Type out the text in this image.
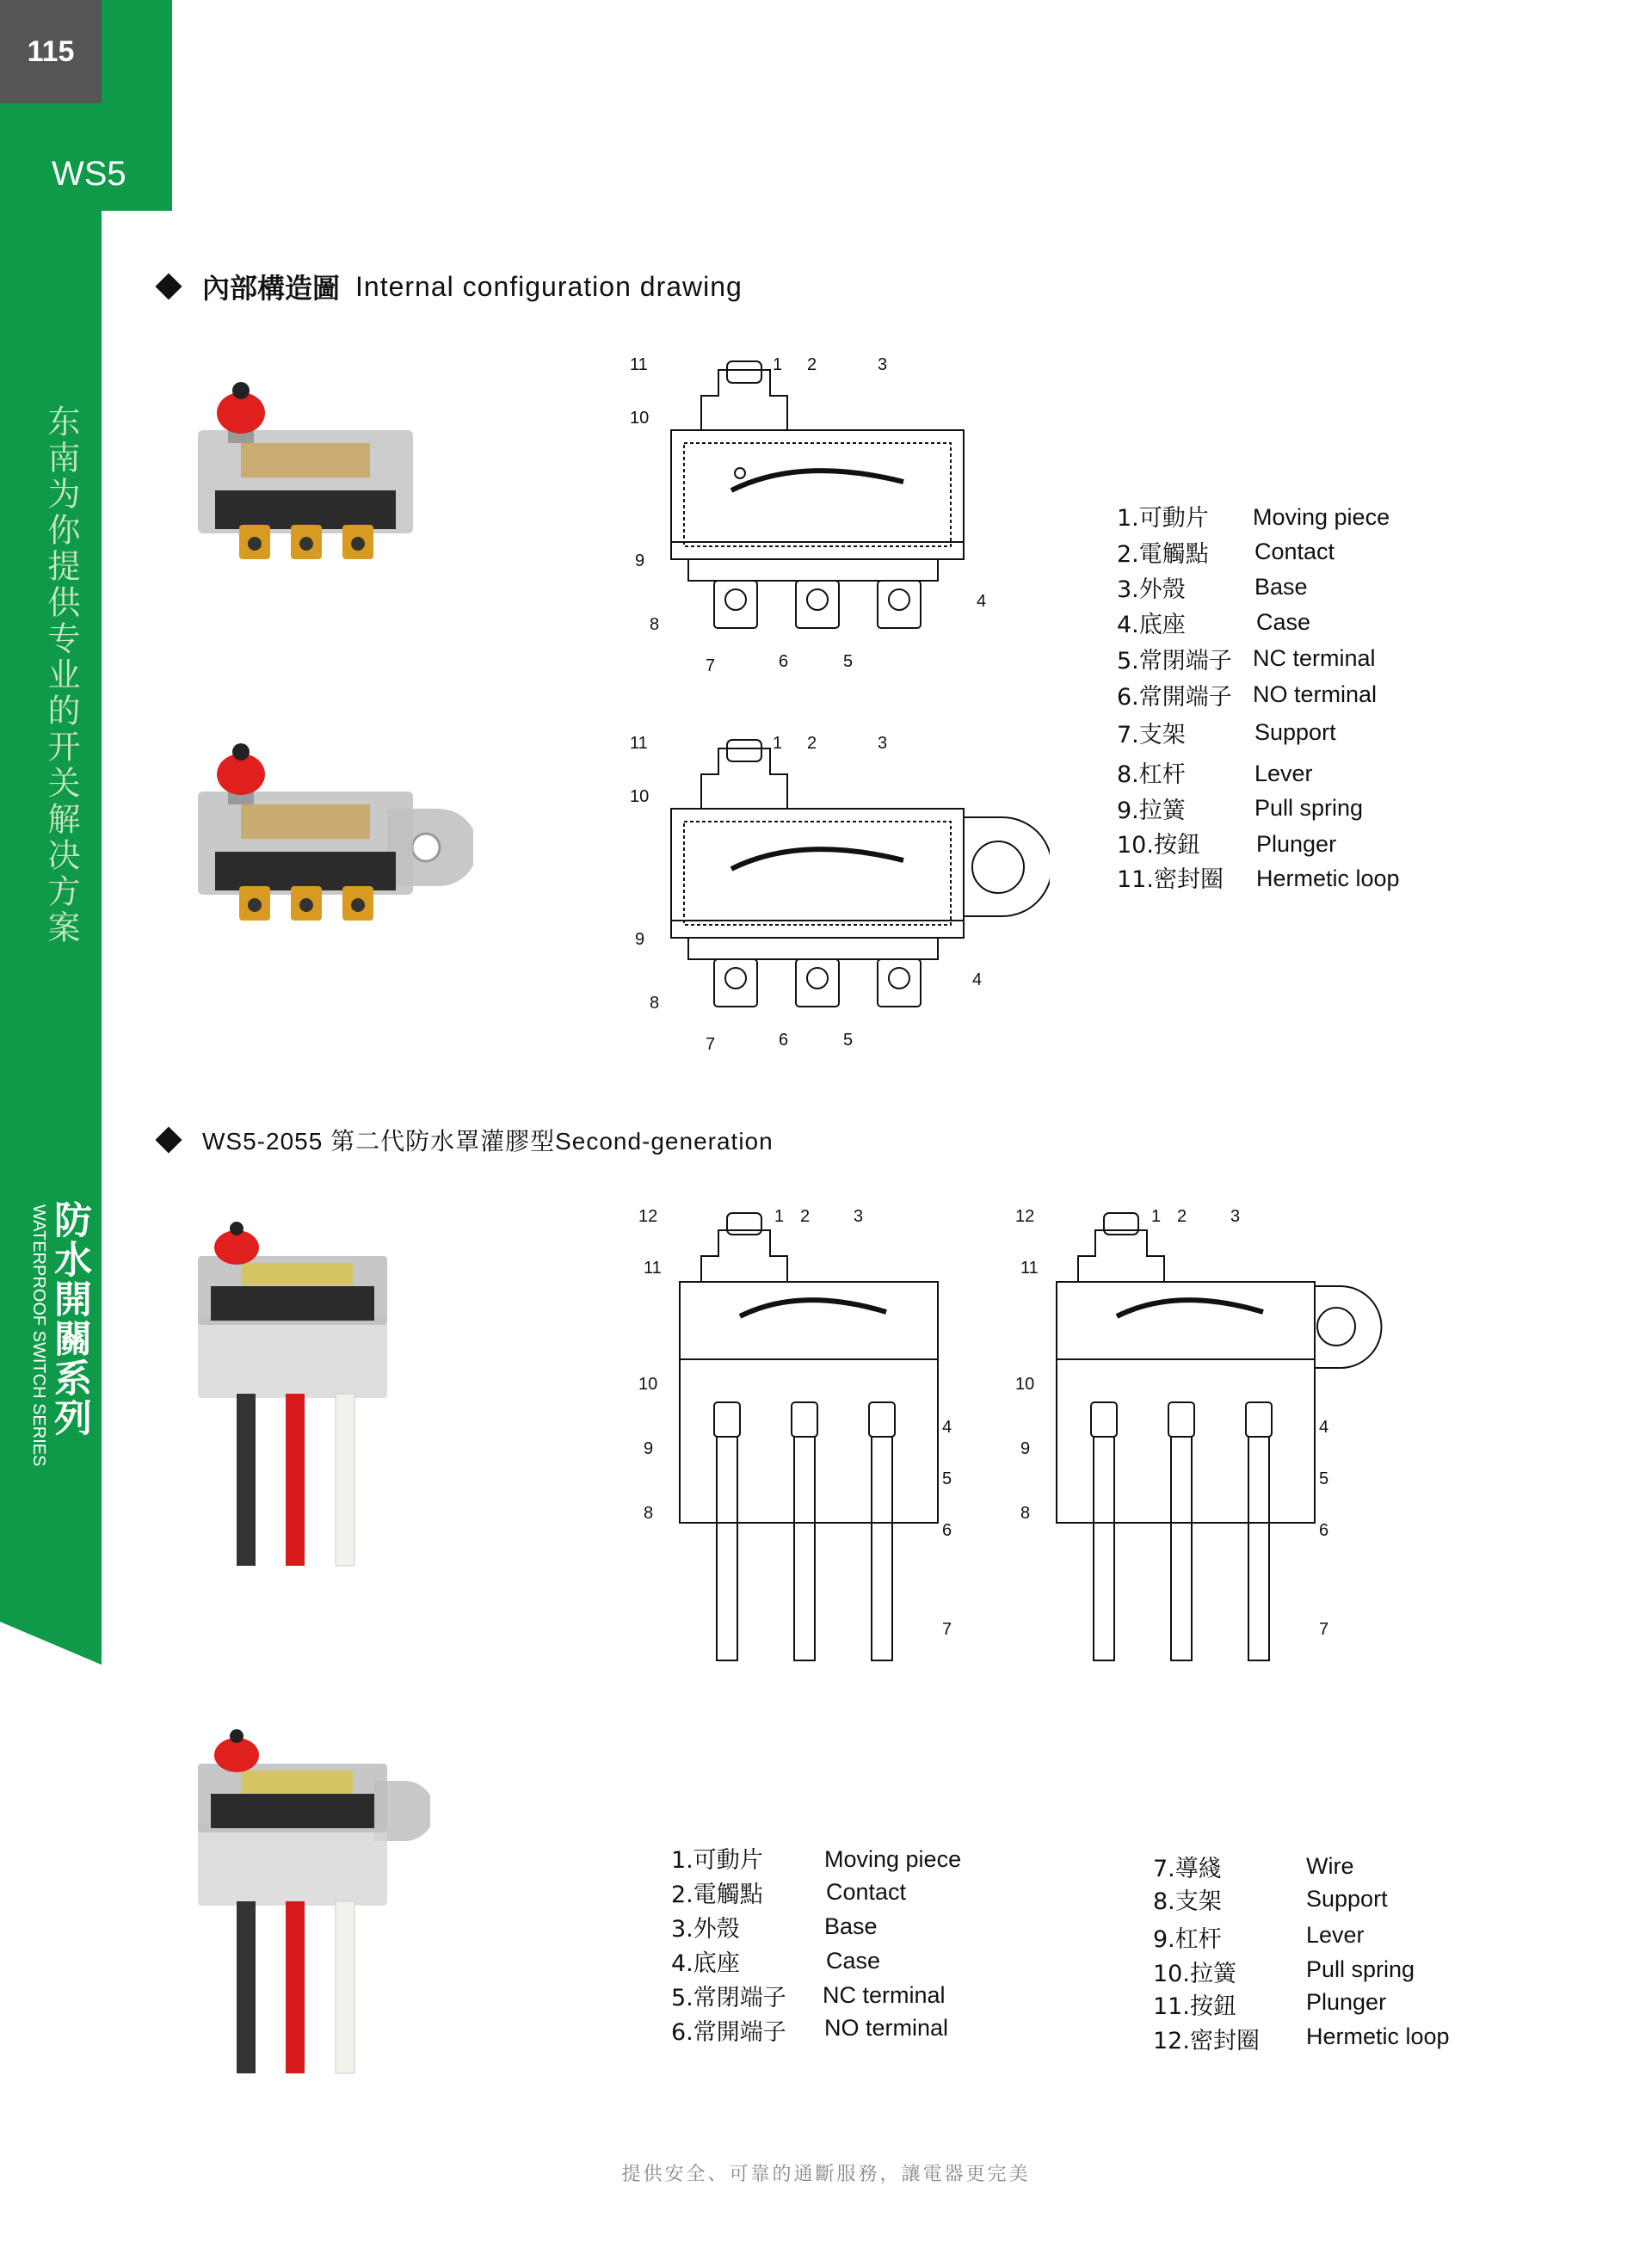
115
WS5
东南为你提供专业的开关解决方案
防水開關系列
WATERPROOF SWITCH SERIES
內部構造圖 Internal configuration drawing
11
10
9
8
7	6	5
4
3
2
1
11
10
9
8
7	6	5
4
3
2
1
1.可動片 Moving piece
2.電觸點 Contact
3.外殼	Base
4.底座	Case
5.常閉端子 NC terminal
6.常開端子 NO terminal
7.支架	Support
8.杠杆	Lever
9.拉簧	Pull spring
10.按鈕 Plunger
11.密封圈 Hermetic loop
WS5-2055 第二代防水罩灌膠型Second-generation
12
11
10
9
8
7
6
5
4
3
2
1	12
11
10
9
8
7
6
5
4
3
2
1
1.可動片	Moving piece
2.電觸點	Contact
3.外殼	Base
4.底座	Case
5.常閉端子 NC terminal
6.常開端子 NO terminal
7.導綫	Wire
8.支架	Support
9.杠杆	Lever
10.拉簧	Pull spring
11.按鈕	Plunger
12.密封圈 Hermetic loop
提供安全、可靠的通斷服務，讓電器更完美
